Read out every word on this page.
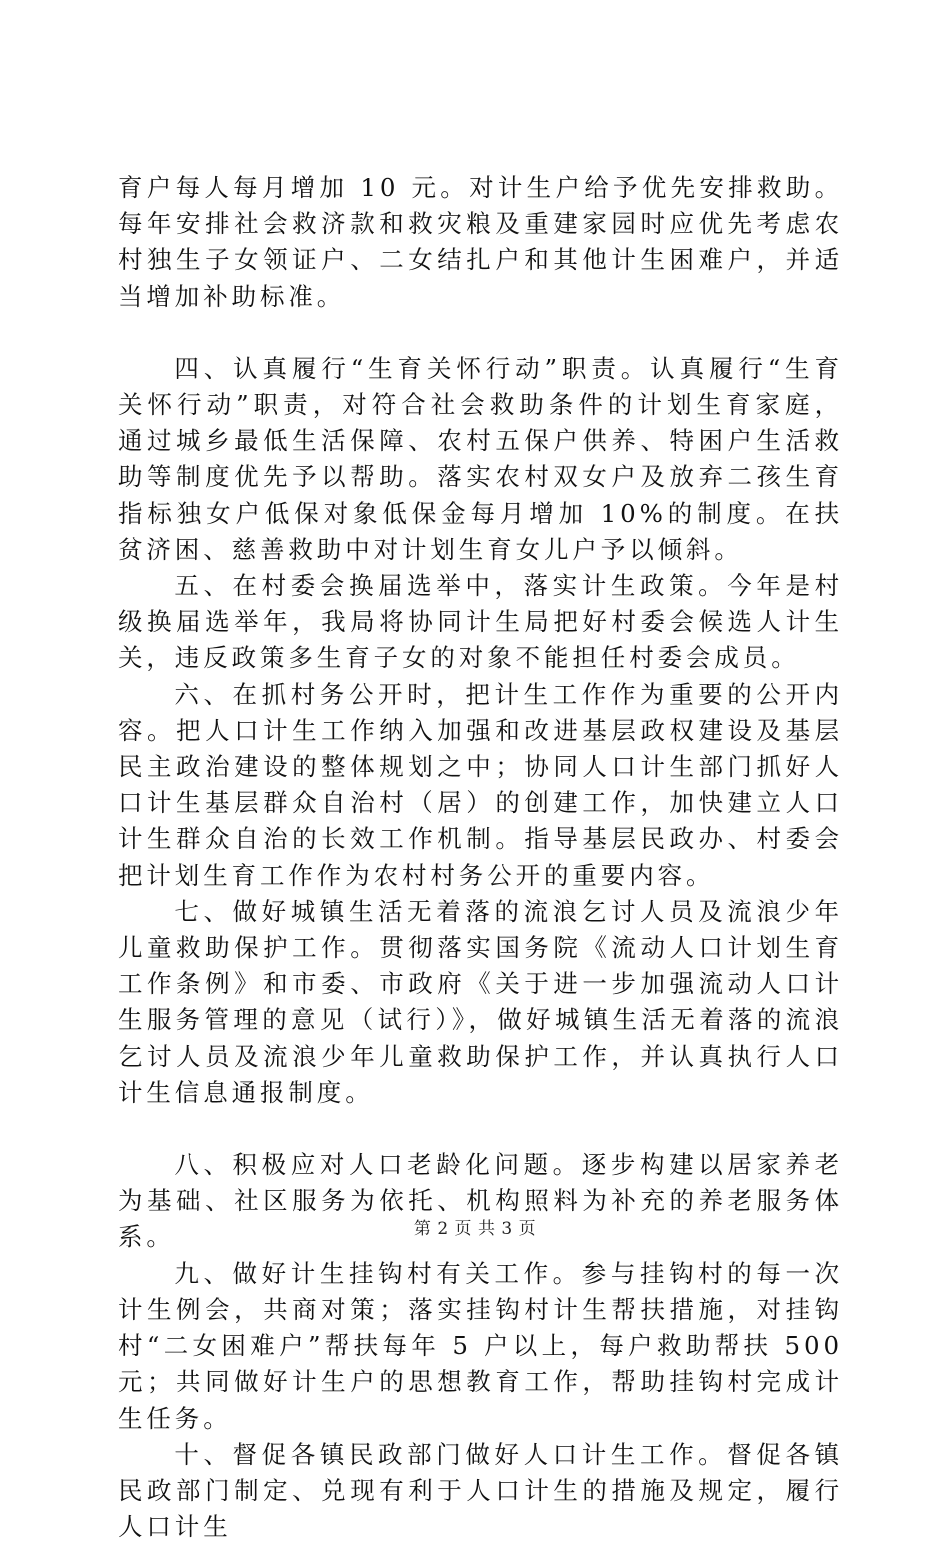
育户每人每月增加 10 元。对计生户给予优先安排救助。每年安排社会救济款和救灾粮及重建家园时应优先考虑农村独生子女领证户、二女结扎户和其他计生困难户，并适当增加补助标准。

四、认真履行“生育关怀行动”职责。认真履行“生育关怀行动”职责，对符合社会救助条件的计划生育家庭，通过城乡最低生活保障、农村五保户供养、特困户生活救助等制度优先予以帮助。落实农村双女户及放弃二孩生育指标独女户低保对象低保金每月增加 10%的制度。在扶贫济困、慈善救助中对计划生育女儿户予以倾斜。

五、在村委会换届选举中，落实计生政策。今年是村级换届选举年，我局将协同计生局把好村委会候选人计生关，违反政策多生育子女的对象不能担任村委会成员。

六、在抓村务公开时，把计生工作作为重要的公开内容。把人口计生工作纳入加强和改进基层政权建设及基层民主政治建设的整体规划之中；协同人口计生部门抓好人口计生基层群众自治村（居）的创建工作，加快建立人口计生群众自治的长效工作机制。指导基层民政办、村委会把计划生育工作作为农村村务公开的重要内容。

七、做好城镇生活无着落的流浪乞讨人员及流浪少年儿童救助保护工作。贯彻落实国务院《流动人口计划生育工作条例》和市委、市政府《关于进一步加强流动人口计生服务管理的意见（试行）》，做好城镇生活无着落的流浪乞讨人员及流浪少年儿童救助保护工作，并认真执行人口计生信息通报制度。

八、积极应对人口老龄化问题。逐步构建以居家养老为基础、社区服务为依托、机构照料为补充的养老服务体系。

九、做好计生挂钩村有关工作。参与挂钩村的每一次计生例会，共商对策；落实挂钩村计生帮扶措施，对挂钩村“二女困难户”帮扶每年 5 户以上，每户救助帮扶 500 元；共同做好计生户的思想教育工作，帮助挂钩村完成计生任务。

十、督促各镇民政部门做好人口计生工作。督促各镇民政部门制定、兑现有利于人口计生的措施及规定，履行人口计生

第 2 页 共 3 页
